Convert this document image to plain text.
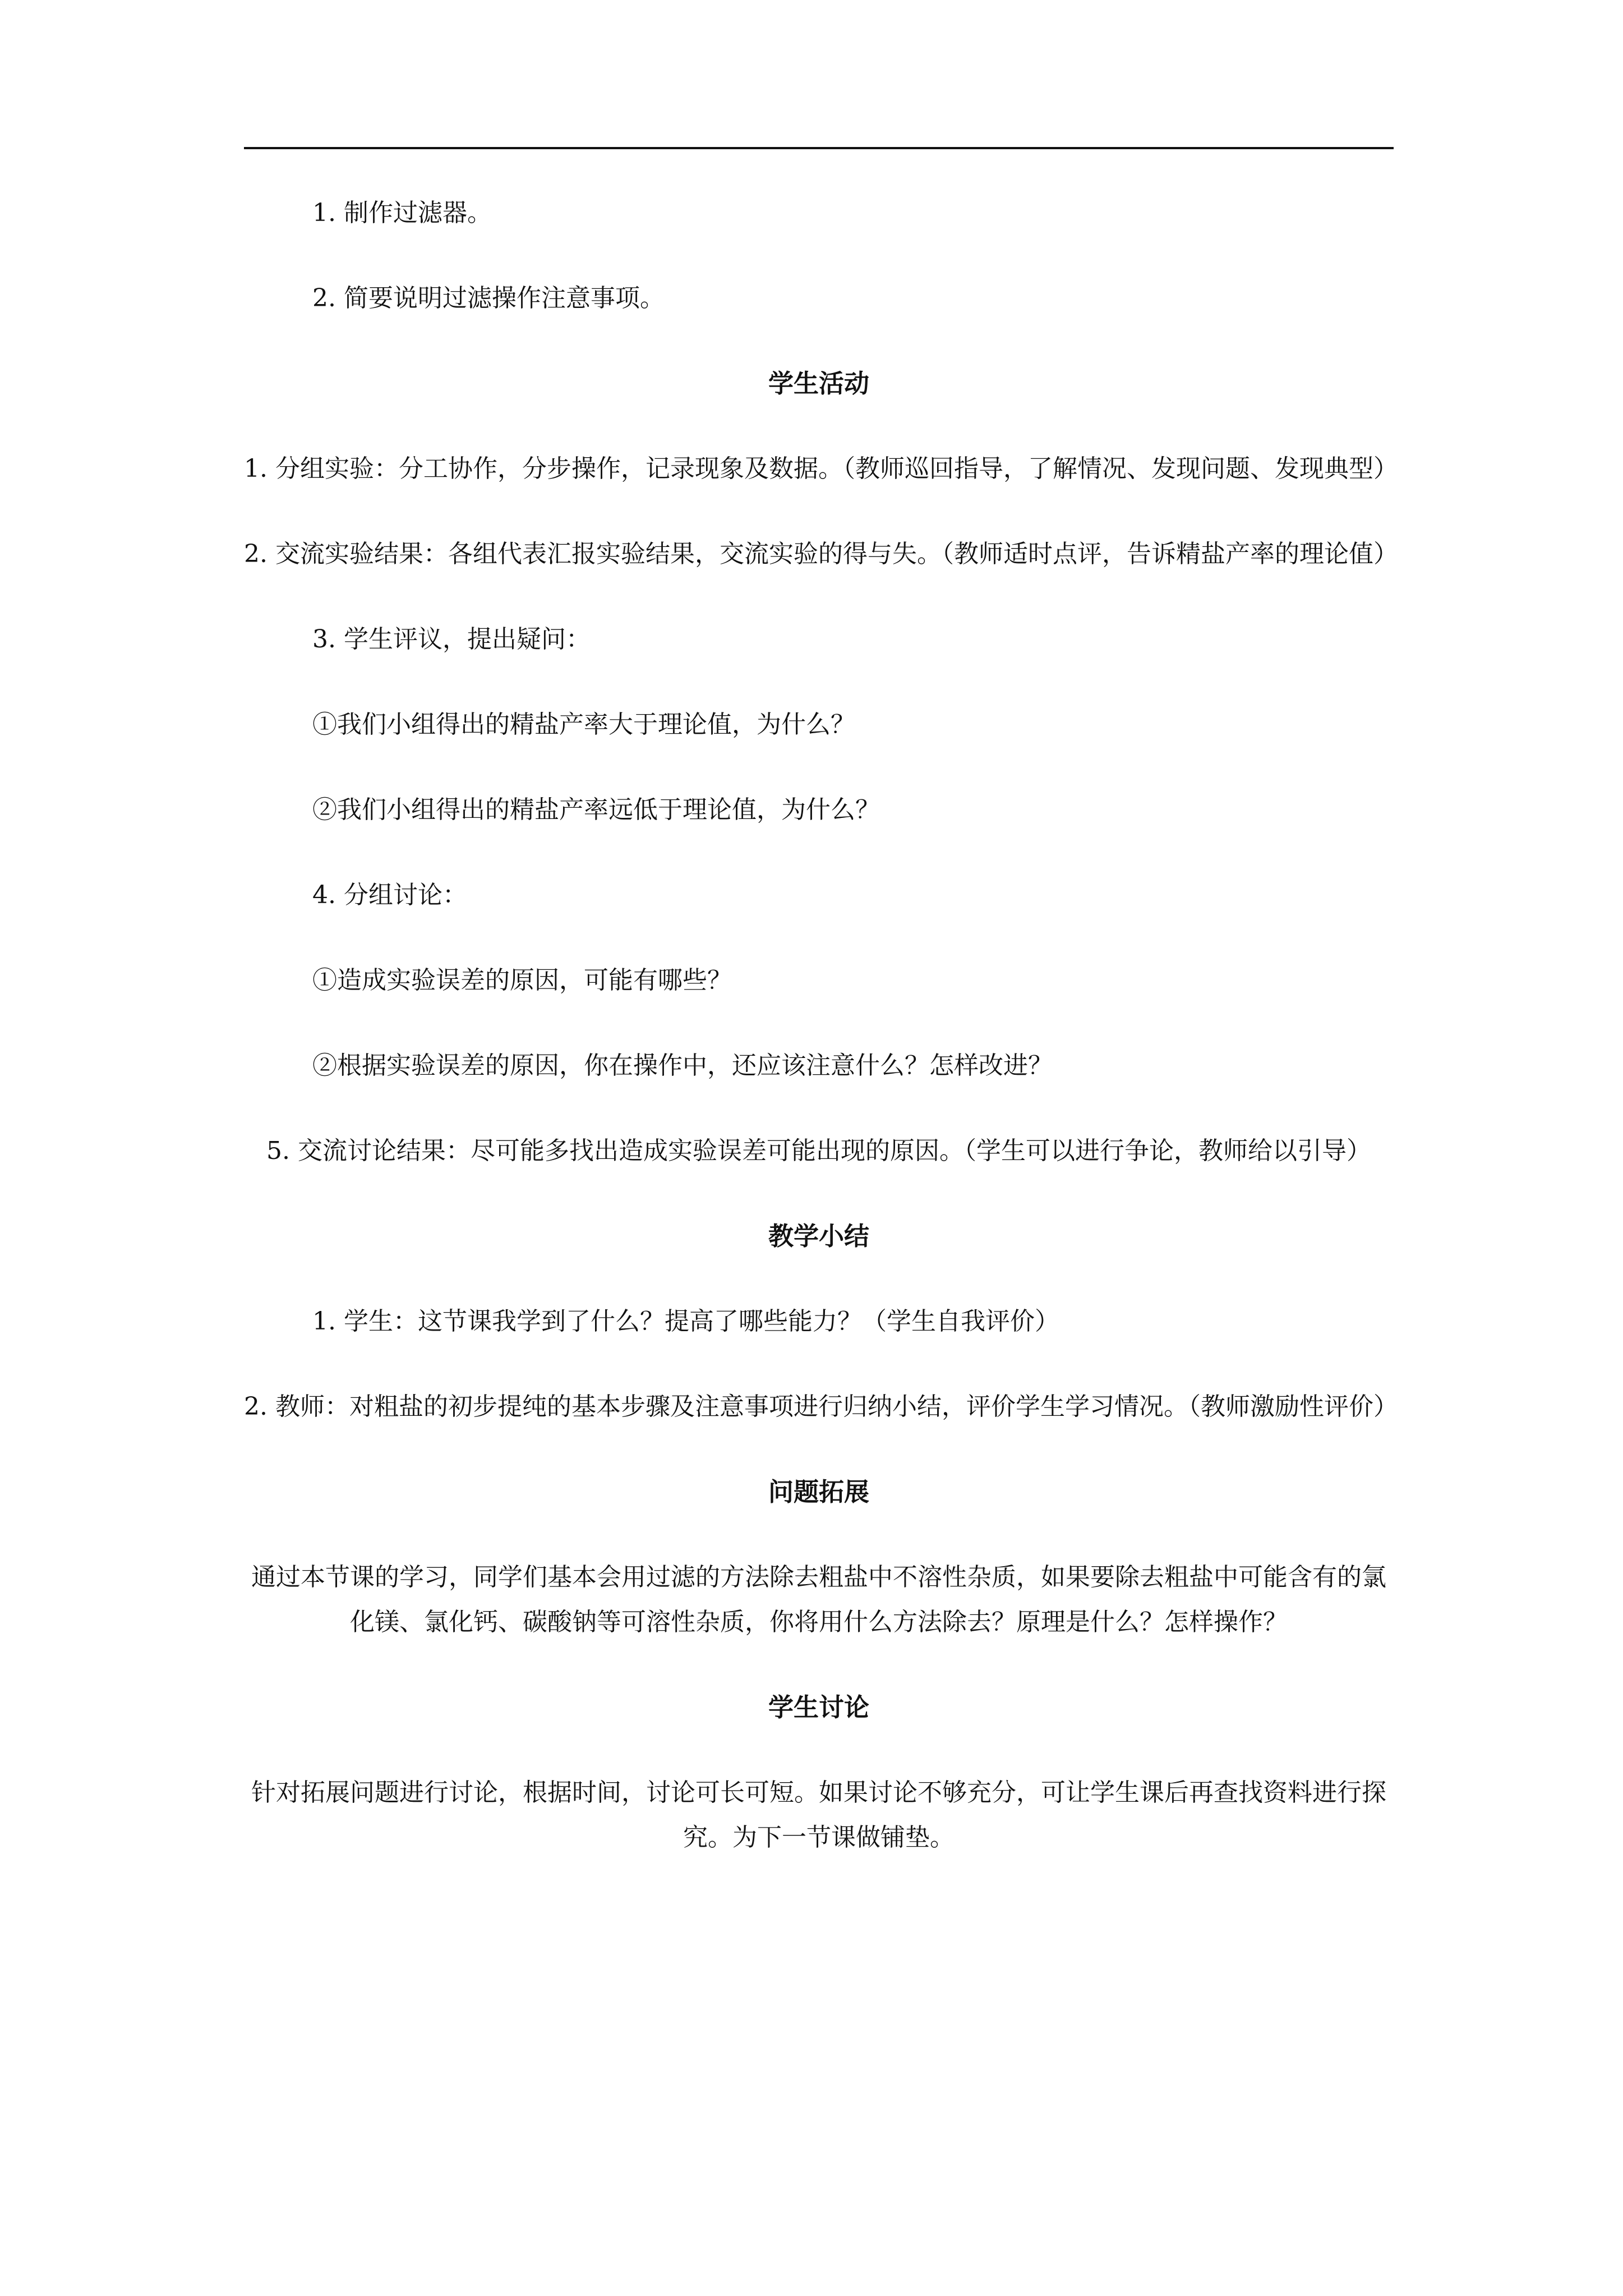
1. 制作过滤器。

2. 简要说明过滤操作注意事项。

学生活动

1. 分组实验：分工协作，分步操作，记录现象及数据。（教师巡回指导，了解情况、发现问题、发现典型）

2. 交流实验结果：各组代表汇报实验结果，交流实验的得与失。（教师适时点评，告诉精盐产率的理论值）

3. 学生评议，提出疑问：

①我们小组得出的精盐产率大于理论值，为什么？

②我们小组得出的精盐产率远低于理论值，为什么？

4. 分组讨论：

①造成实验误差的原因，可能有哪些？

②根据实验误差的原因，你在操作中，还应该注意什么？怎样改进？

5. 交流讨论结果：尽可能多找出造成实验误差可能出现的原因。（学生可以进行争论，教师给以引导）

教学小结

1. 学生：这节课我学到了什么？提高了哪些能力？（学生自我评价）

2. 教师：对粗盐的初步提纯的基本步骤及注意事项进行归纳小结，评价学生学习情况。（教师激励性评价）

问题拓展

通过本节课的学习，同学们基本会用过滤的方法除去粗盐中不溶性杂质，如果要除去粗盐中可能含有的氯化镁、氯化钙、碳酸钠等可溶性杂质，你将用什么方法除去？原理是什么？怎样操作？

学生讨论

针对拓展问题进行讨论，根据时间，讨论可长可短。如果讨论不够充分，可让学生课后再查找资料进行探究。为下一节课做铺垫。
